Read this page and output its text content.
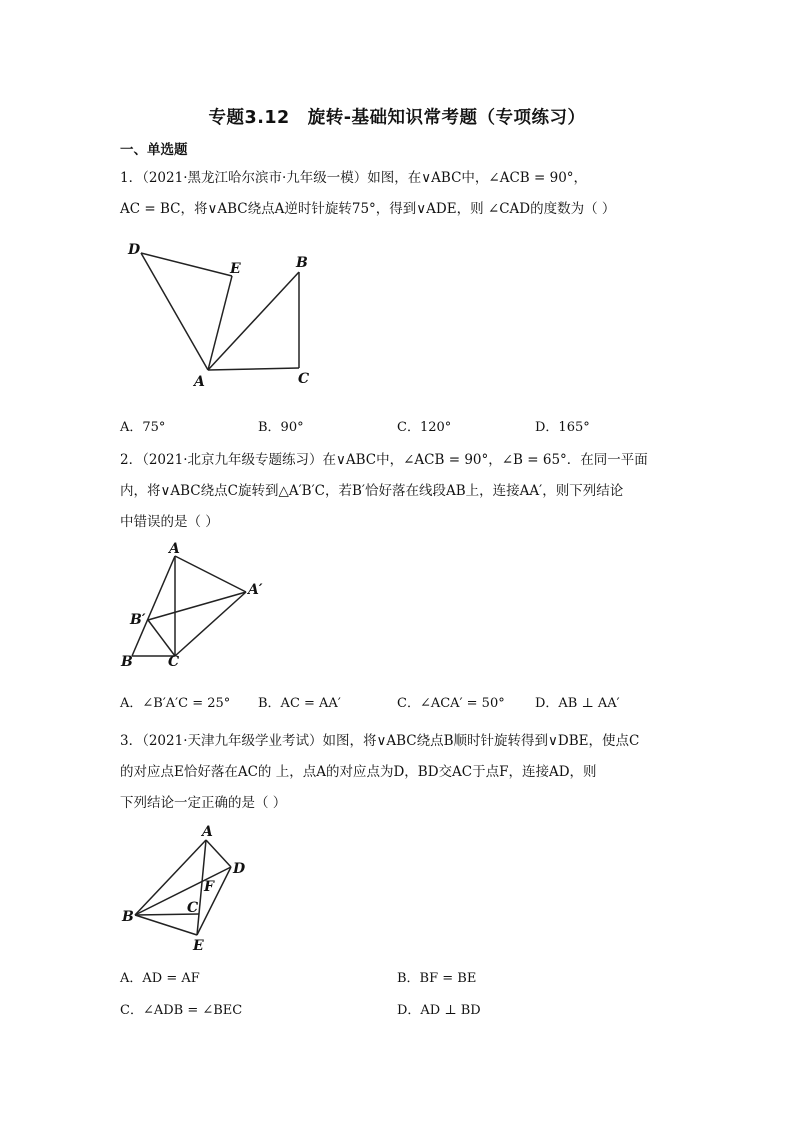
专题3.12　旋转-基础知识常考题（专项练习）
一、单选题
1．（2021·黑龙江哈尔滨市·九年级一模）如图，在∨ABC中，∠ACB = 90°，
AC = BC，将∨ABC绕点A逆时针旋转75°，得到∨ADE，则 ∠CAD的度数为（ ）
D
E	B
A	C
A．75°	B．90°	C．120°	D．165°
2．（2021·北京九年级专题练习）在∨ABC中，∠ACB = 90°，∠B = 65°．在同一平面
内，将∨ABC绕点C旋转到△A′B′C，若B′恰好落在线段AB上，连接AA′，则下列结论
中错误的是（ ）
A
A′
B′
B	C
A．∠B′A′C = 25° B．AC = AA′	C．∠ACA′ = 50° D．AB ⊥ AA′
3．（2021·天津九年级学业考试）如图，将∨ABC绕点B顺时针旋转得到∨DBE，使点C
的对应点E恰好落在AC的 上，点A的对应点为D，BD交AC于点F，连接AD，则
下列结论一定正确的是（ ）
A
D
F
B
C
E
A．AD = AF	B．BF = BE
C．∠ADB = ∠BEC	D．AD ⊥ BD
